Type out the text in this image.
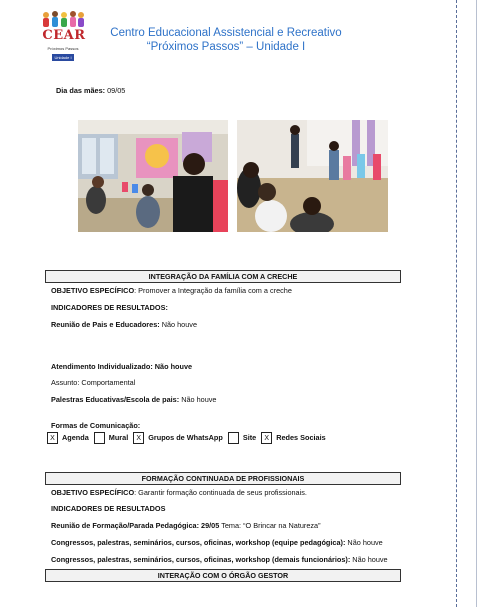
CEAR
Próximos Passos
Unidade I
Centro Educacional Assistencial e Recreativo
“Próximos Passos” – Unidade I
Dia das mães: 09/05
INTEGRAÇÃO DA FAMÍLIA COM A CRECHE
OBJETIVO ESPECÍFICO: Promover a Integração da família com a creche
INDICADORES DE RESULTADOS:
Reunião de Pais e Educadores: Não houve
Atendimento Individualizado: Não houve
Assunto: Comportamental
Palestras Educativas/Escola de pais: Não houve
Formas de Comunicação:
X Agenda	Mural	X Grupos de WhatsApp	Site	X Redes Sociais
FORMAÇÃO CONTINUADA DE PROFISSIONAIS
OBJETIVO ESPECÍFICO: Garantir formação continuada de seus profissionais.
INDICADORES DE RESULTADOS
Reunião de Formação/Parada Pedagógica: 29/05 Tema: “O Brincar na Natureza”
Congressos, palestras, seminários, cursos, oficinas, workshop (equipe pedagógica): Não houve
Congressos, palestras, seminários, cursos, oficinas, workshop (demais funcionários): Não houve
INTERAÇÃO COM O ÓRGÃO GESTOR
